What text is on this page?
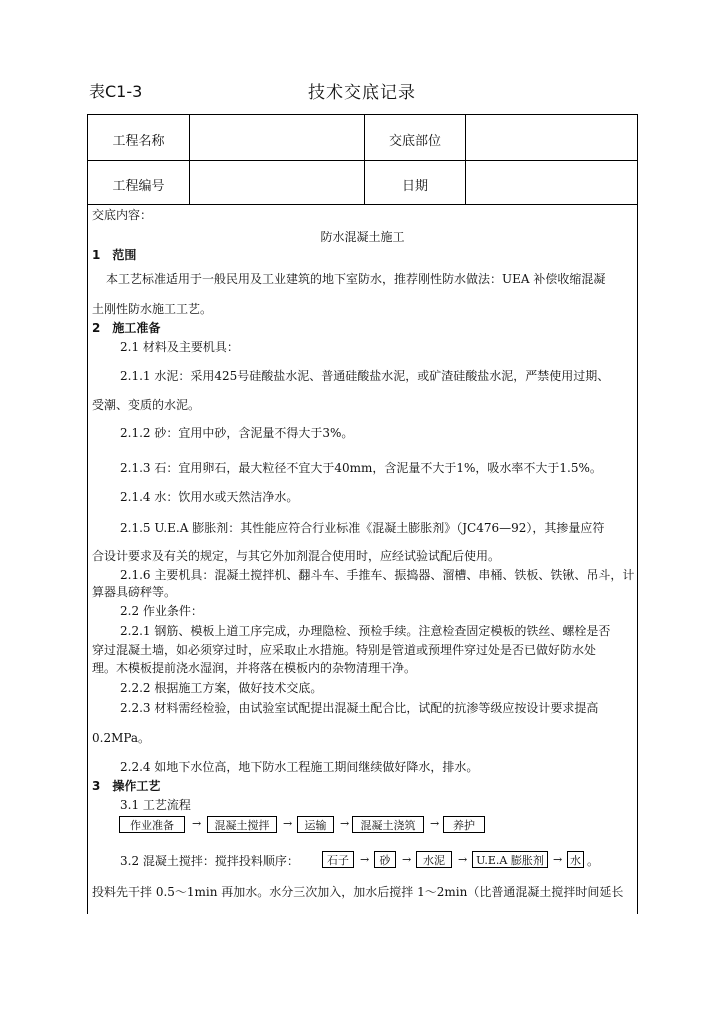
表C1-3	技术交底记录
工程名称	交底部位
工程编号	日期
交底内容：
防水混凝土施工
1　范围
本工艺标准适用于一般民用及工业建筑的地下室防水，推荐刚性防水做法：UEA 补偿收缩混凝
土刚性防水施工工艺。
2　施工准备
2.1 材料及主要机具：
2.1.1 水泥：采用425号硅酸盐水泥、普通硅酸盐水泥，或矿渣硅酸盐水泥，严禁使用过期、
受潮、变质的水泥。
2.1.2 砂：宜用中砂，含泥量不得大于3%。
2.1.3 石：宜用卵石，最大粒径不宜大于40mm，含泥量不大于1%，吸水率不大于1.5%。
2.1.4 水：饮用水或天然洁净水。
2.1.5 U.E.A 膨胀剂：其性能应符合行业标准《混凝土膨胀剂》（JC476—92），其掺量应符
合设计要求及有关的规定，与其它外加剂混合使用时，应经试验试配后使用。
2.1.6 主要机具：混凝土搅拌机、翻斗车、手推车、振捣器、溜槽、串桶、铁板、铁锹、吊斗，计
算器具磅秤等。
2.2 作业条件：
2.2.1 钢筋、模板上道工序完成，办理隐检、预检手续。注意检查固定模板的铁丝、螺栓是否
穿过混凝土墙，如必须穿过时，应采取止水措施。特别是管道或预埋件穿过处是否已做好防水处
理。木模板提前浇水湿润，并将落在模板内的杂物清理干净。
2.2.2 根据施工方案，做好技术交底。
2.2.3 材料需经检验，由试验室试配提出混凝土配合比，试配的抗渗等级应按设计要求提高
0.2MPa。
2.2.4 如地下水位高，地下防水工程施工期间继续做好降水，排水。
3　操作工艺
3.1 工艺流程
作业准备	→	混凝土搅拌	→	运输	→	混凝土浇筑	→	养护
3.2 混凝土搅拌：搅拌投料顺序：	石子	→ 砂	→	水泥	→ U.E.A 膨胀剂 → 水 。
投料先干拌 0.5～1min 再加水。水分三次加入，加水后搅拌 1～2min（比普通混凝土搅拌时间延长
